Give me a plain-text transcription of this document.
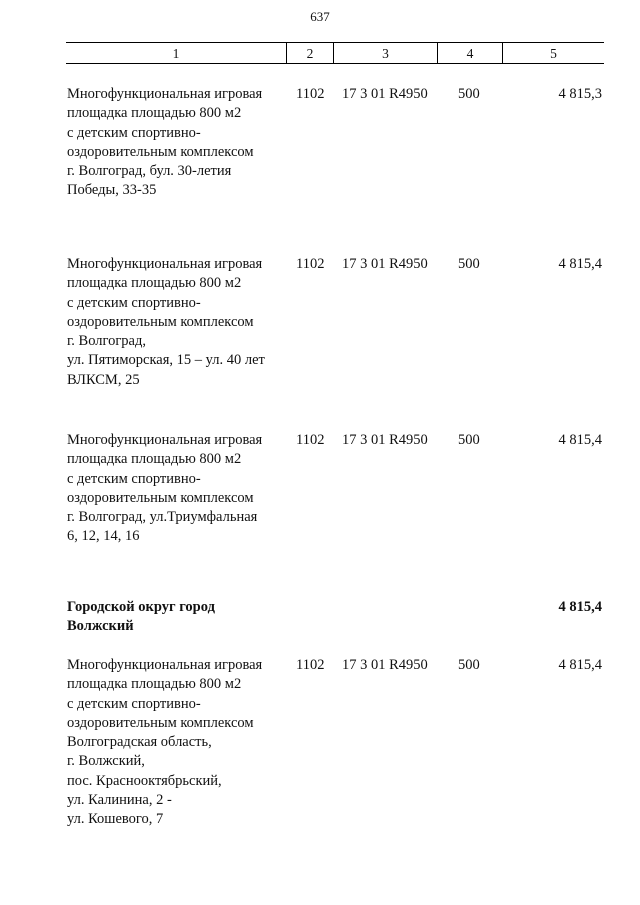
637
1	2	3	4	5
Многофункциональная игровая
площадка площадью 800 м2
с детским спортивно-
оздоровительным комплексом
г. Волгоград, бул. 30-летия
Победы, 33-35
1102 17 3 01 R4950 500	4 815,3
Многофункциональная игровая
площадка площадью 800 м2
с детским спортивно-
оздоровительным комплексом
г. Волгоград,
ул. Пятиморская, 15 – ул. 40 лет
ВЛКСМ, 25
1102 17 3 01 R4950 500	4 815,4
Многофункциональная игровая
площадка площадью 800 м2
с детским спортивно-
оздоровительным комплексом
г. Волгоград, ул.Триумфальная
6, 12, 14, 16
1102 17 3 01 R4950 500	4 815,4
Городской округ город
Волжский
4 815,4
Многофункциональная игровая
площадка площадью 800 м2
с детским спортивно-
оздоровительным комплексом
Волгоградская область,
г. Волжский,
пос. Краснооктябрьский,
ул. Калинина, 2 -
ул. Кошевого, 7
1102 17 3 01 R4950 500	4 815,4
